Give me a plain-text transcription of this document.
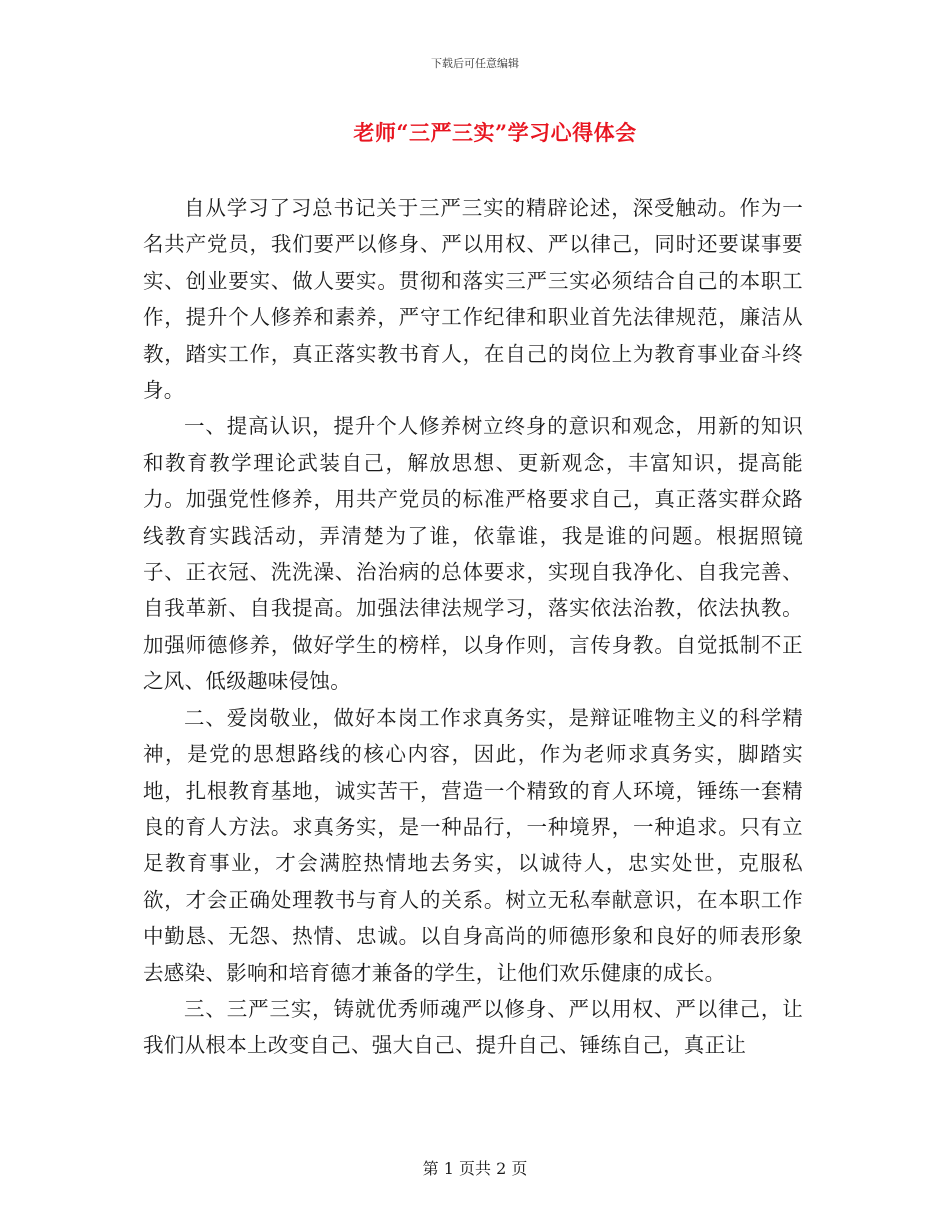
下载后可任意编辑
老师“三严三实”学习心得体会

自从学习了习总书记关于三严三实的精辟论述，深受触动。作为一名共产党员，我们要严以修身、严以用权、严以律己，同时还要谋事要实、创业要实、做人要实。贯彻和落实三严三实必须结合自己的本职工作，提升个人修养和素养，严守工作纪律和职业首先法律规范，廉洁从教，踏实工作，真正落实教书育人，在自己的岗位上为教育事业奋斗终身。

一、提高认识，提升个人修养树立终身的意识和观念，用新的知识和教育教学理论武装自己，解放思想、更新观念，丰富知识，提高能力。加强党性修养，用共产党员的标准严格要求自己，真正落实群众路线教育实践活动，弄清楚为了谁，依靠谁，我是谁的问题。根据照镜子、正衣冠、洗洗澡、治治病的总体要求，实现自我净化、自我完善、自我革新、自我提高。加强法律法规学习，落实依法治教，依法执教。加强师德修养，做好学生的榜样，以身作则，言传身教。自觉抵制不正之风、低级趣味侵蚀。

二、爱岗敬业，做好本岗工作求真务实，是辩证唯物主义的科学精神，是党的思想路线的核心内容，因此，作为老师求真务实，脚踏实地，扎根教育基地，诚实苦干，营造一个精致的育人环境，锤练一套精良的育人方法。求真务实，是一种品行，一种境界，一种追求。只有立足教育事业，才会满腔热情地去务实，以诚待人，忠实处世，克服私欲，才会正确处理教书与育人的关系。树立无私奉献意识，在本职工作中勤恳、无怨、热情、忠诚。以自身高尚的师德形象和良好的师表形象去感染、影响和培育德才兼备的学生，让他们欢乐健康的成长。

三、三严三实，铸就优秀师魂严以修身、严以用权、严以律己，让我们从根本上改变自己、强大自己、提升自己、锤练自己，真正让

第 1 页共 2 页
